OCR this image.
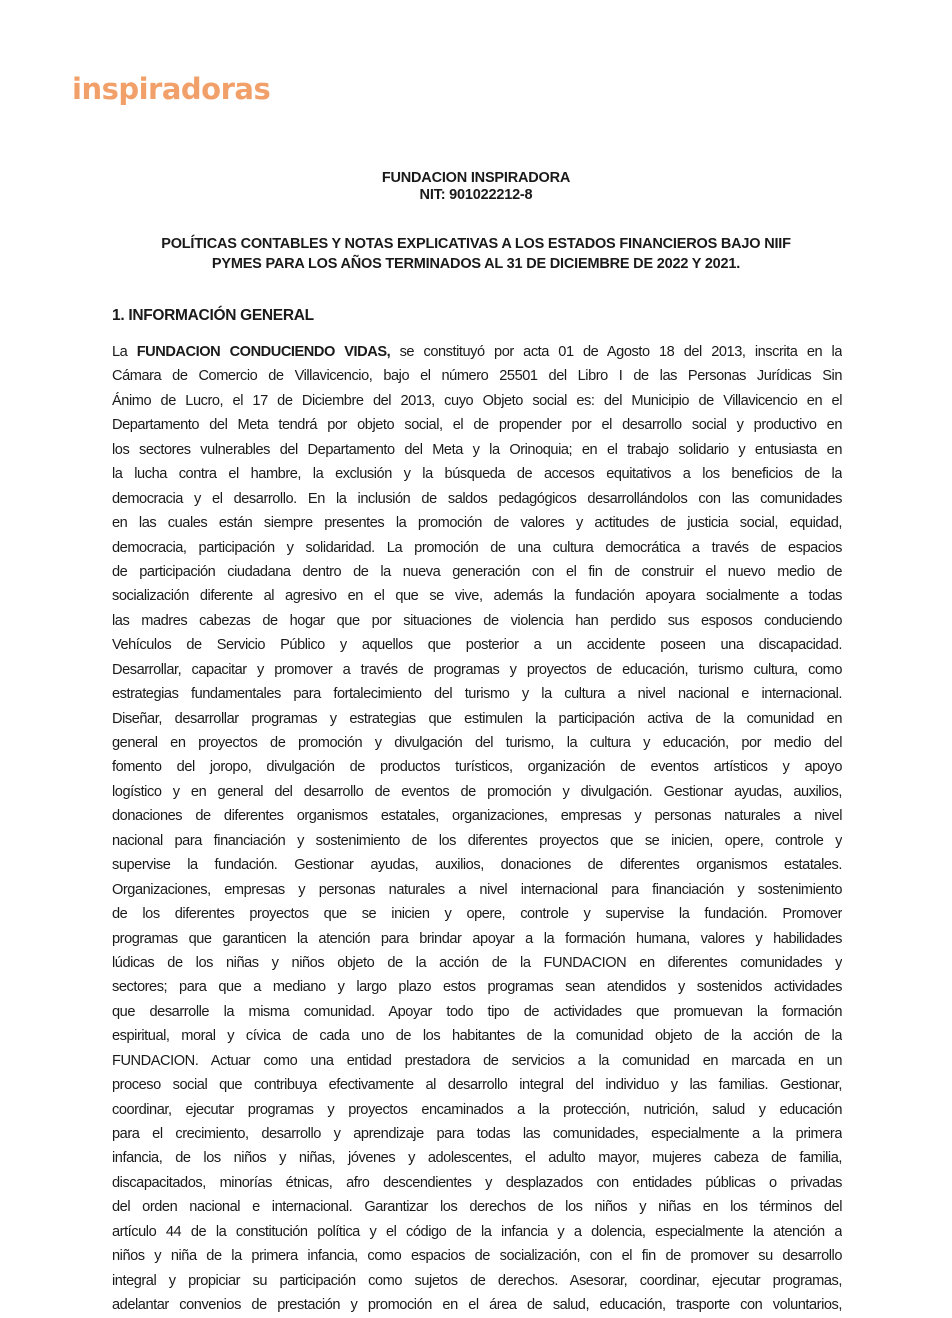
inspiradoras
FUNDACION INSPIRADORA
NIT: 901022212-8
POLÍTICAS CONTABLES Y NOTAS EXPLICATIVAS A LOS ESTADOS FINANCIEROS BAJO NIIF
PYMES PARA LOS AÑOS TERMINADOS AL 31 DE DICIEMBRE DE 2022 Y 2021.
1. INFORMACIÓN GENERAL
La FUNDACION CONDUCIENDO VIDAS, se constituyó por acta 01 de Agosto 18 del 2013, inscrita en la
Cámara de Comercio de Villavicencio, bajo el número 25501 del Libro I de las Personas Jurídicas Sin
Ánimo de Lucro, el 17 de Diciembre del 2013, cuyo Objeto social es: del Municipio de Villavicencio en el
Departamento del Meta tendrá por objeto social, el de propender por el desarrollo social y productivo en
los sectores vulnerables del Departamento del Meta y la Orinoquia; en el trabajo solidario y entusiasta en
la lucha contra el hambre, la exclusión y la búsqueda de accesos equitativos a los beneficios de la
democracia y el desarrollo. En la inclusión de saldos pedagógicos desarrollándolos con las comunidades
en las cuales están siempre presentes la promoción de valores y actitudes de justicia social, equidad,
democracia, participación y solidaridad. La promoción de una cultura democrática a través de espacios
de participación ciudadana dentro de la nueva generación con el fin de construir el nuevo medio de
socialización diferente al agresivo en el que se vive, además la fundación apoyara socialmente a todas
las madres cabezas de hogar que por situaciones de violencia han perdido sus esposos conduciendo
Vehículos de Servicio Público y aquellos que posterior a un accidente poseen una discapacidad.
Desarrollar, capacitar y promover a través de programas y proyectos de educación, turismo cultura, como
estrategias fundamentales para fortalecimiento del turismo y la cultura a nivel nacional e internacional.
Diseñar, desarrollar programas y estrategias que estimulen la participación activa de la comunidad en
general en proyectos de promoción y divulgación del turismo, la cultura y educación, por medio del
fomento del joropo, divulgación de productos turísticos, organización de eventos artísticos y apoyo
logístico y en general del desarrollo de eventos de promoción y divulgación. Gestionar ayudas, auxilios,
donaciones de diferentes organismos estatales, organizaciones, empresas y personas naturales a nivel
nacional para financiación y sostenimiento de los diferentes proyectos que se inicien, opere, controle y
supervise la fundación. Gestionar ayudas, auxilios, donaciones de diferentes organismos estatales.
Organizaciones, empresas y personas naturales a nivel internacional para financiación y sostenimiento
de los diferentes proyectos que se inicien y opere, controle y supervise la fundación. Promover
programas que garanticen la atención para brindar apoyar a la formación humana, valores y habilidades
lúdicas de los niñas y niños objeto de la acción de la FUNDACION en diferentes comunidades y
sectores; para que a mediano y largo plazo estos programas sean atendidos y sostenidos actividades
que desarrolle la misma comunidad. Apoyar todo tipo de actividades que promuevan la formación
espiritual, moral y cívica de cada uno de los habitantes de la comunidad objeto de la acción de la
FUNDACION. Actuar como una entidad prestadora de servicios a la comunidad en marcada en un
proceso social que contribuya efectivamente al desarrollo integral del individuo y las familias. Gestionar,
coordinar, ejecutar programas y proyectos encaminados a la protección, nutrición, salud y educación
para el crecimiento, desarrollo y aprendizaje para todas las comunidades, especialmente a la primera
infancia, de los niños y niñas, jóvenes y adolescentes, el adulto mayor, mujeres cabeza de familia,
discapacitados, minorías étnicas, afro descendientes y desplazados con entidades públicas o privadas
del orden nacional e internacional. Garantizar los derechos de los niños y niñas en los términos del
artículo 44 de la constitución política y el código de la infancia y a dolencia, especialmente la atención a
niños y niña de la primera infancia, como espacios de socialización, con el fin de promover su desarrollo
integral y propiciar su participación como sujetos de derechos. Asesorar, coordinar, ejecutar programas,
adelantar convenios de prestación y promoción en el área de salud, educación, trasporte con voluntarios,
